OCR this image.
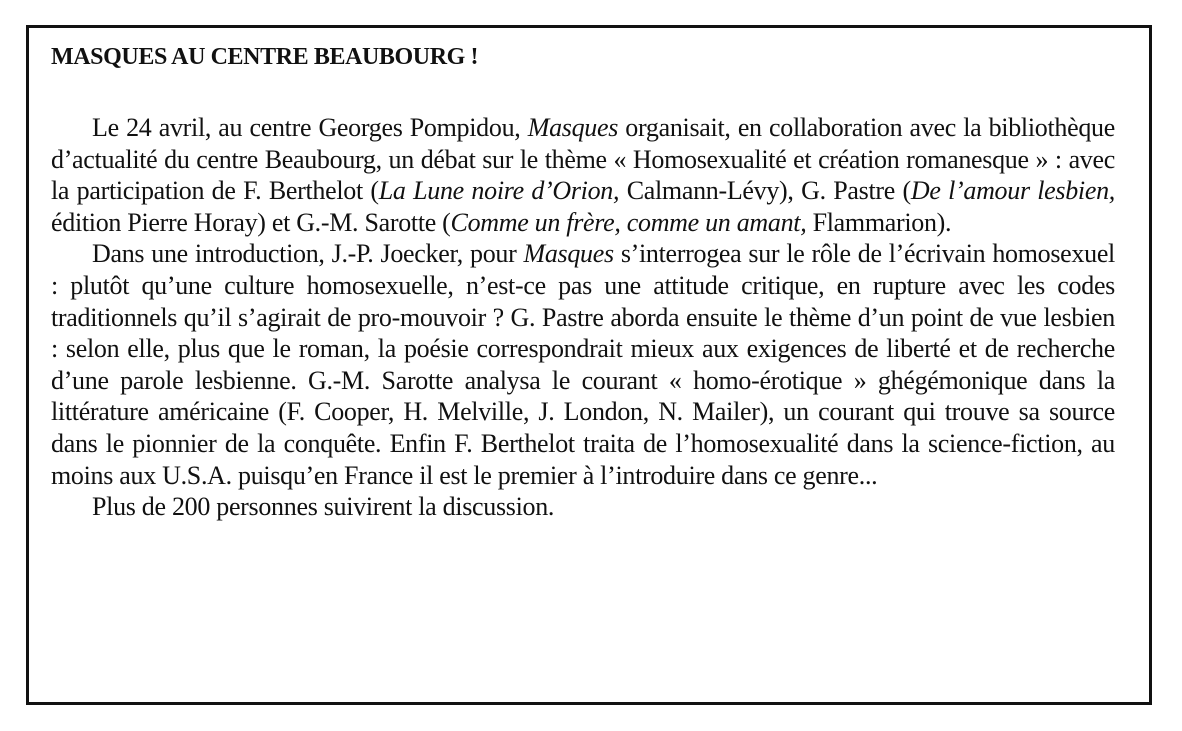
MASQUES AU CENTRE BEAUBOURG !

Le 24 avril, au centre Georges Pompidou, Masques organisait, en collaboration avec la bibliothèque d’actualité du centre Beaubourg, un débat sur le thème « Homosexualité et création romanesque » : avec la participation de F. Berthelot (La Lune noire d’Orion, Calmann-Lévy), G. Pastre (De l’amour lesbien, édition Pierre Horay) et G.-M. Sarotte (Comme un frère, comme un amant, Flammarion).

Dans une introduction, J.-P. Joecker, pour Masques s’interrogea sur le rôle de l’écrivain homosexuel : plutôt qu’une culture homosexuelle, n’est-ce pas une attitude critique, en rupture avec les codes traditionnels qu’il s’agirait de pro-mouvoir ? G. Pastre aborda ensuite le thème d’un point de vue lesbien : selon elle, plus que le roman, la poésie correspondrait mieux aux exigences de liberté et de recherche d’une parole lesbienne. G.-M. Sarotte analysa le courant « homo-érotique » ghégémonique dans la littérature américaine (F. Cooper, H. Melville, J. London, N. Mailer), un courant qui trouve sa source dans le pionnier de la conquête. Enfin F. Berthelot traita de l’homosexualité dans la science-fiction, au moins aux U.S.A. puisqu’en France il est le premier à l’introduire dans ce genre...

Plus de 200 personnes suivirent la discussion.
